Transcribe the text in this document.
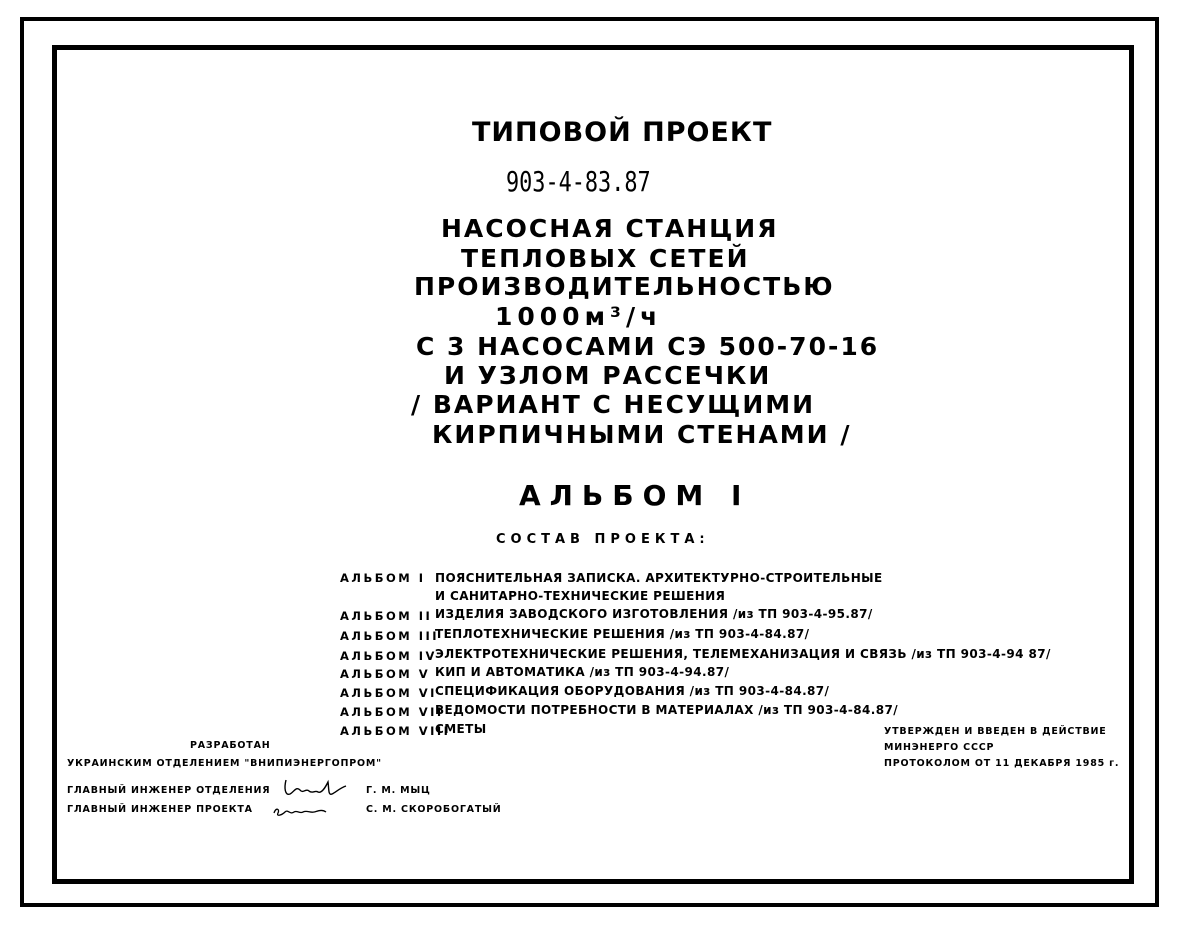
ТИПОВОЙ ПРОЕКТ
903-4-83.87
НАСОСНАЯ СТАНЦИЯ
ТЕПЛОВЫХ СЕТЕЙ
ПРОИЗВОДИТЕЛЬНОСТЬЮ
1000м³/ч
С 3 НАСОСАМИ СЭ 500-70-16
И УЗЛОМ РАССЕЧКИ
/ ВАРИАНТ С НЕСУЩИМИ
КИРПИЧНЫМИ СТЕНАМИ /
АЛЬБОМ I
СОСТАВ ПРОЕКТА:
АЛЬБОМ I ПОЯСНИТЕЛЬНАЯ ЗАПИСКА. АРХИТЕКТУРНО-СТРОИТЕЛЬНЫЕ
И САНИТАРНО-ТЕХНИЧЕСКИЕ РЕШЕНИЯ
АЛЬБОМ II ИЗДЕЛИЯ ЗАВОДСКОГО ИЗГОТОВЛЕНИЯ /из ТП 903-4-95.87/
АЛЬБОМ III
ТЕПЛОТЕХНИЧЕСКИЕ РЕШЕНИЯ /из ТП 903-4-84.87/
АЛЬБОМ IV
ЭЛЕКТРОТЕХНИЧЕСКИЕ РЕШЕНИЯ, ТЕЛЕМЕХАНИЗАЦИЯ И СВЯЗЬ /из ТП 903-4-94 87/
АЛЬБОМ V КИП И АВТОМАТИКА /из ТП 903-4-94.87/
АЛЬБОМ VI
СПЕЦИФИКАЦИЯ ОБОРУДОВАНИЯ /из ТП 903-4-84.87/
АЛЬБОМ VII
ВЕДОМОСТИ ПОТРЕБНОСТИ В МАТЕРИАЛАХ /из ТП 903-4-84.87/
АЛЬБОМ VIII
СМЕТЫ
РАЗРАБОТАН
УКРАИНСКИМ ОТДЕЛЕНИЕМ "ВНИПИЭНЕРГОПРОМ"
ГЛАВНЫЙ ИНЖЕНЕР ОТДЕЛЕНИЯ	Г. М. МЫЦ
ГЛАВНЫЙ ИНЖЕНЕР ПРОЕКТА	С. М. СКОРОБОГАТЫЙ
УТВЕРЖДЕН И ВВЕДЕН В ДЕЙСТВИЕ
МИНЭНЕРГО СССР
ПРОТОКОЛОМ ОТ 11 ДЕКАБРЯ 1985 г.
